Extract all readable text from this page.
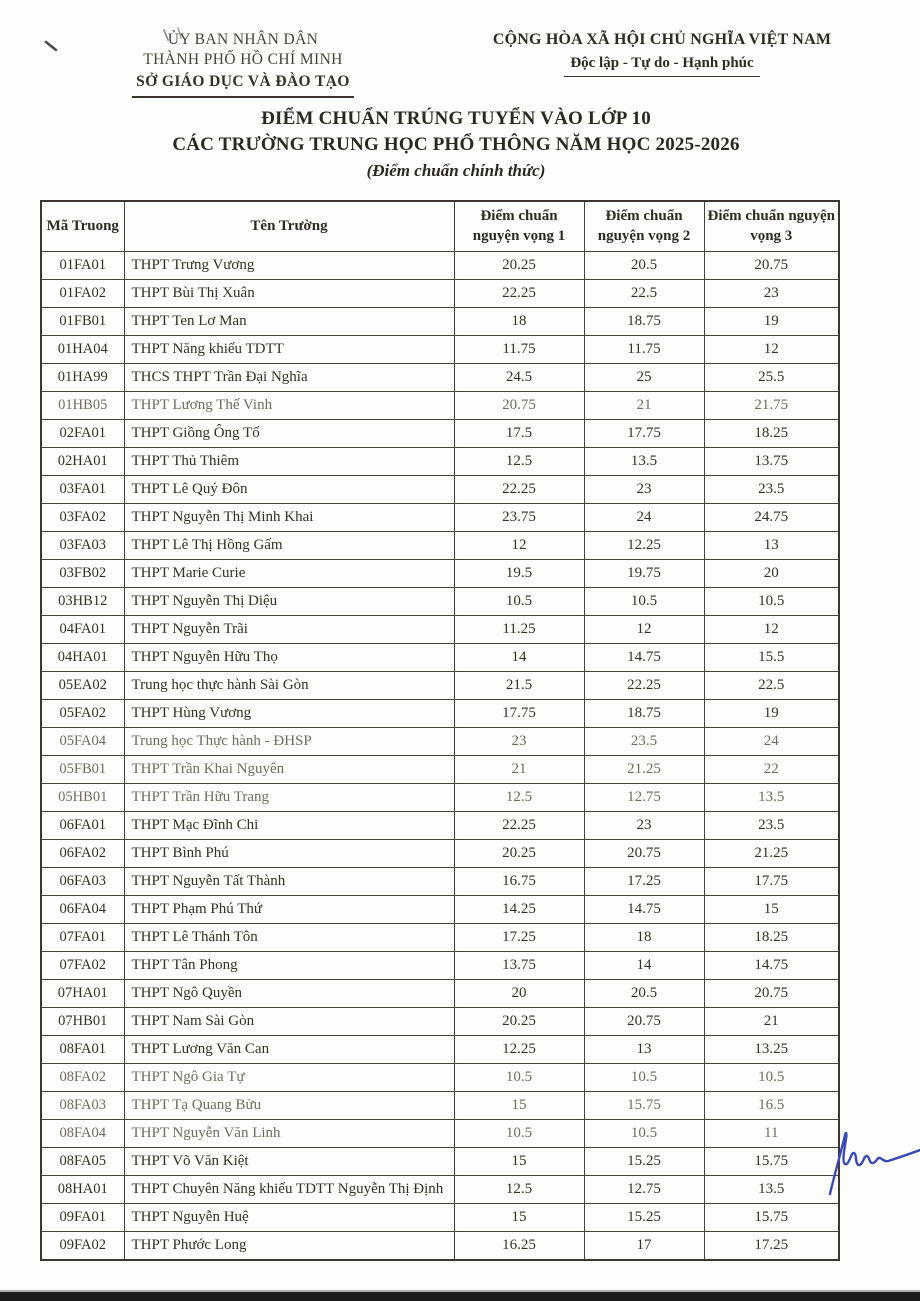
ỦY BAN NHÂN DÂN
THÀNH PHỐ HỒ CHÍ MINH
SỞ GIÁO DỤC VÀ ĐÀO TẠO
CỘNG HÒA XÃ HỘI CHỦ NGHĨA VIỆT NAM
Độc lập - Tự do - Hạnh phúc
ĐIỂM CHUẨN TRÚNG TUYỂN VÀO LỚP 10
CÁC TRƯỜNG TRUNG HỌC PHỔ THÔNG NĂM HỌC 2025-2026
(Điểm chuẩn chính thức)
Mã Truong	Tên Trường	Điểm chuẩn nguyện vọng 1	Điểm chuẩn nguyện vọng 2	Điểm chuẩn nguyện vọng 3
01FA01	THPT Trưng Vương	20.25	20.5	20.75
01FA02	THPT Bùi Thị Xuân	22.25	22.5	23
01FB01	THPT Ten Lơ Man	18	18.75	19
01HA04	THPT Năng khiếu TDTT	11.75	11.75	12
01HA99	THCS THPT Trần Đại Nghĩa	24.5	25	25.5
01HB05	THPT Lương Thế Vinh	20.75	21	21.75
02FA01	THPT Giồng Ông Tố	17.5	17.75	18.25
02HA01	THPT Thủ Thiêm	12.5	13.5	13.75
03FA01	THPT Lê Quý Đôn	22.25	23	23.5
03FA02	THPT Nguyễn Thị Minh Khai	23.75	24	24.75
03FA03	THPT Lê Thị Hồng Gấm	12	12.25	13
03FB02	THPT Marie Curie	19.5	19.75	20
03HB12	THPT Nguyễn Thị Diệu	10.5	10.5	10.5
04FA01	THPT Nguyễn Trãi	11.25	12	12
04HA01	THPT Nguyễn Hữu Thọ	14	14.75	15.5
05EA02	Trung học thực hành Sài Gòn	21.5	22.25	22.5
05FA02	THPT Hùng Vương	17.75	18.75	19
05FA04	Trung học Thực hành - ĐHSP	23	23.5	24
05FB01	THPT Trần Khai Nguyên	21	21.25	22
05HB01	THPT Trần Hữu Trang	12.5	12.75	13.5
06FA01	THPT Mạc Đĩnh Chi	22.25	23	23.5
06FA02	THPT Bình Phú	20.25	20.75	21.25
06FA03	THPT Nguyễn Tất Thành	16.75	17.25	17.75
06FA04	THPT Phạm Phú Thứ	14.25	14.75	15
07FA01	THPT Lê Thánh Tôn	17.25	18	18.25
07FA02	THPT Tân Phong	13.75	14	14.75
07HA01	THPT Ngô Quyền	20	20.5	20.75
07HB01	THPT Nam Sài Gòn	20.25	20.75	21
08FA01	THPT Lương Văn Can	12.25	13	13.25
08FA02	THPT Ngô Gia Tự	10.5	10.5	10.5
08FA03	THPT Tạ Quang Bửu	15	15.75	16.5
08FA04	THPT Nguyễn Văn Linh	10.5	10.5	11
08FA05	THPT Võ Văn Kiệt	15	15.25	15.75
08HA01	THPT Chuyên Năng khiếu TDTT Nguyễn Thị Định	12.5	12.75	13.5
09FA01	THPT Nguyễn Huệ	15	15.25	15.75
09FA02	THPT Phước Long	16.25	17	17.25
